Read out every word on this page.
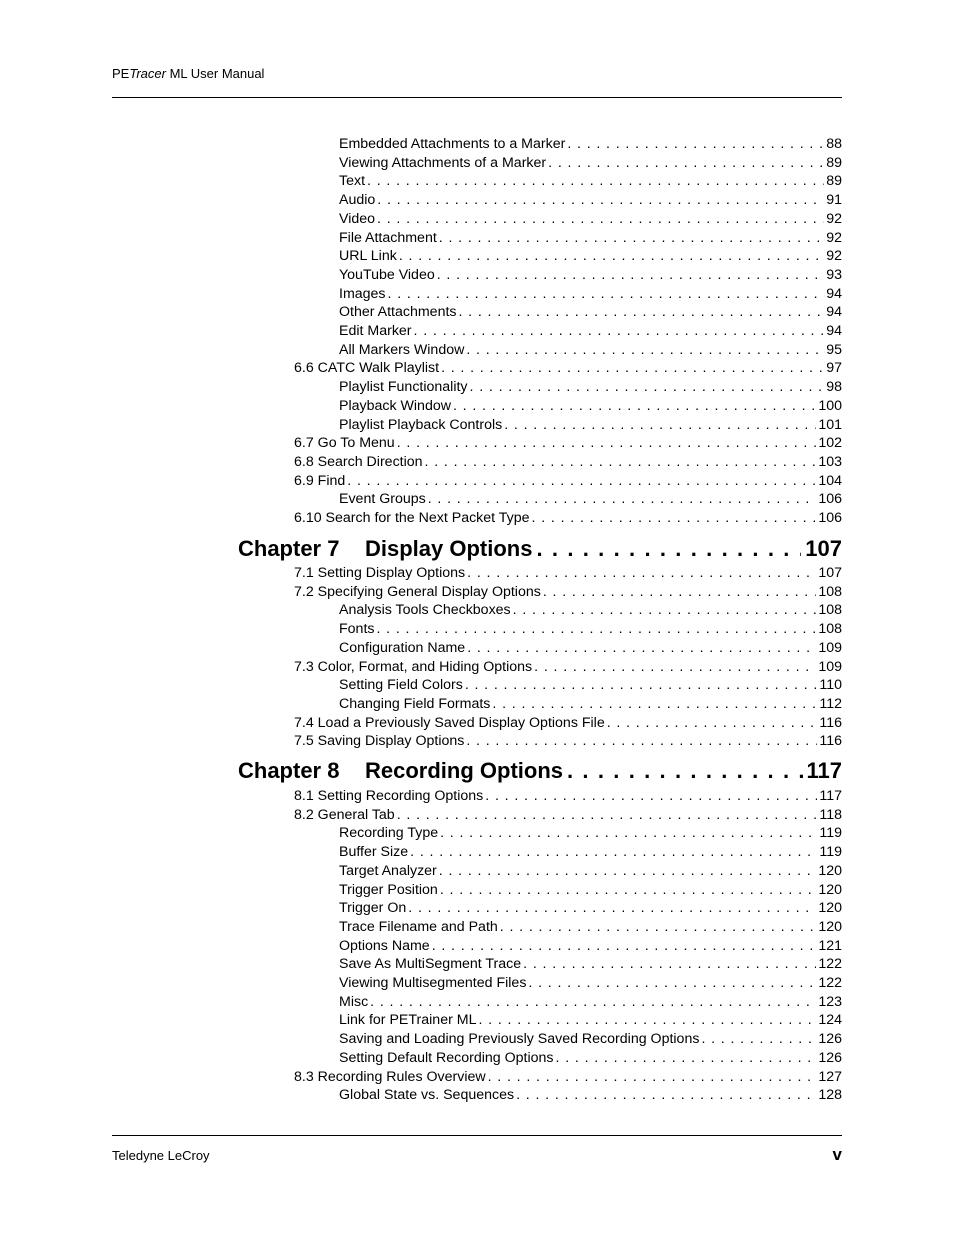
PETracer ML User Manual
Embedded Attachments to a Marker . . .	88
Viewing Attachments of a Marker . . .	89
Text . . .	89
Audio . . .	91
Video . . .	92
File Attachment . . .	92
URL Link . . .	92
YouTube Video . . .	93
Images . . .	94
Other Attachments . . .	94
Edit Marker . . .	94
All Markers Window . . .	95
6.6 CATC Walk Playlist . . .	97
Playlist Functionality . . .	98
Playback Window . . .	100
Playlist Playback Controls . . .	101
6.7 Go To Menu . . .	102
6.8 Search Direction . . .	103
6.9 Find . . .	104
Event Groups . . .	106
6.10 Search for the Next Packet Type . . .	106
Chapter 7	Display Options . . .	107
7.1 Setting Display Options . . .	107
7.2 Specifying General Display Options . . .	108
Analysis Tools Checkboxes . . .	108
Fonts . . .	108
Configuration Name . . .	109
7.3 Color, Format, and Hiding Options . . .	109
Setting Field Colors . . .	110
Changing Field Formats . . .	112
7.4 Load a Previously Saved Display Options File . . .	116
7.5 Saving Display Options . . .	116
Chapter 8	Recording Options . . .	117
8.1 Setting Recording Options . . .	117
8.2 General Tab . . .	118
Recording Type . . .	119
Buffer Size . . .	119
Target Analyzer . . .	120
Trigger Position . . .	120
Trigger On . . .	120
Trace Filename and Path . . .	120
Options Name . . .	121
Save As MultiSegment Trace . . .	122
Viewing Multisegmented Files . . .	122
Misc . . .	123
Link for PETrainer ML . . .	124
Saving and Loading Previously Saved Recording Options . . .	126
Setting Default Recording Options . . .	126
8.3 Recording Rules Overview . . .	127
Global State vs. Sequences . . .	128
Teledyne LeCroy	v
